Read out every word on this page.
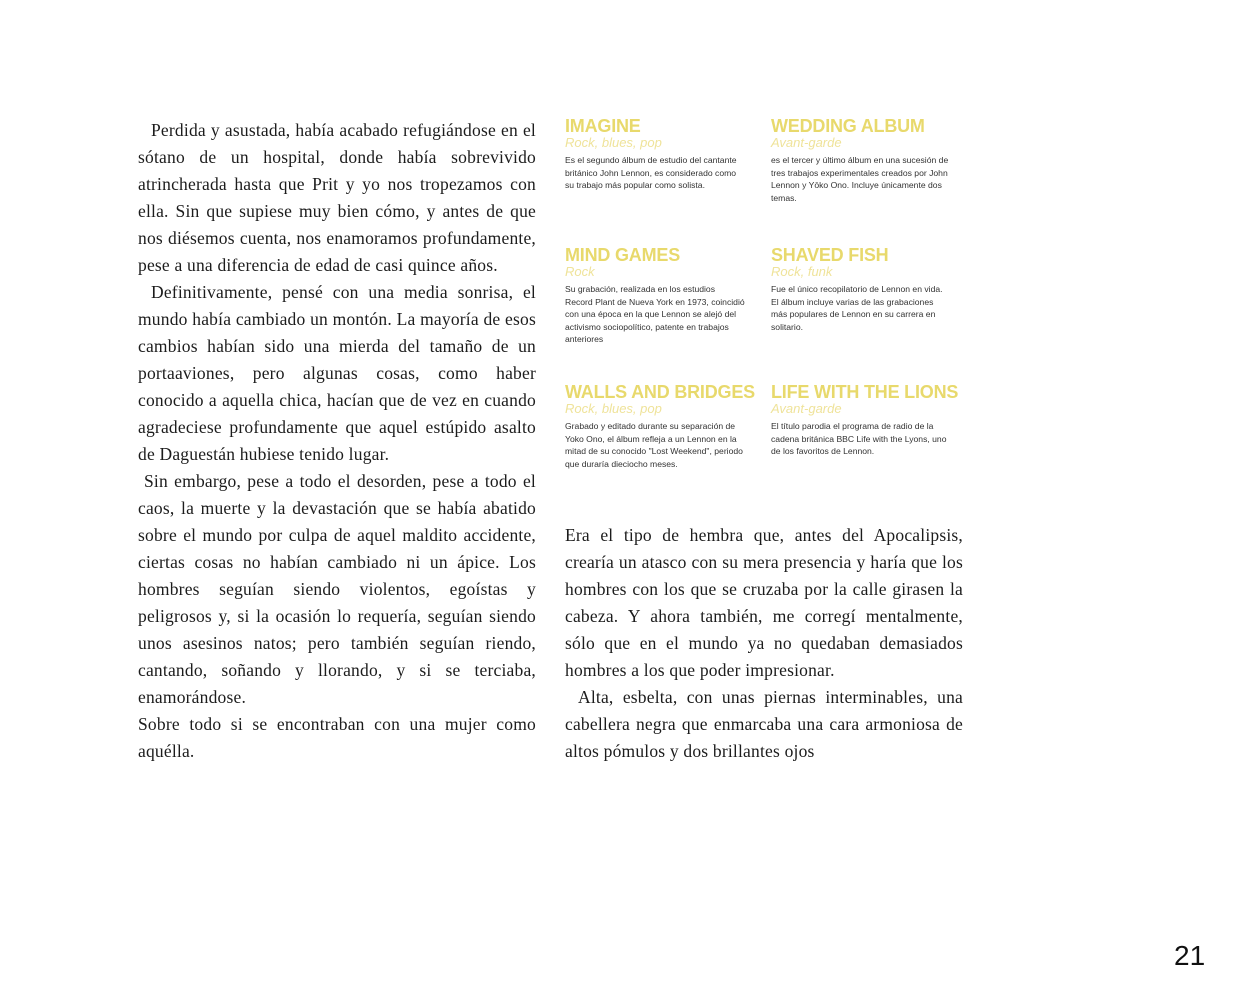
Perdida y asustada, había acabado refugiándose en el sótano de un hospital, donde había sobrevivido atrincherada hasta que Prit y yo nos tropezamos con ella. Sin que supiese muy bien cómo, y antes de que nos diésemos cuenta, nos enamoramos profundamente, pese a una diferencia de edad de casi quince años.

Definitivamente, pensé con una media sonrisa, el mundo había cambiado un montón. La mayoría de esos cambios habían sido una mierda del tamaño de un portaaviones, pero algunas cosas, como haber conocido a aquella chica, hacían que de vez en cuando agradeciese profundamente que aquel estúpido asalto de Daguestán hubiese tenido lugar.

Sin embargo, pese a todo el desorden, pese a todo el caos, la muerte y la devastación que se había abatido sobre el mundo por culpa de aquel maldito accidente, ciertas cosas no habían cambiado ni un ápice. Los hombres seguían siendo violentos, egoístas y peligrosos y, si la ocasión lo requería, seguían siendo unos asesinos natos; pero también seguían riendo, cantando, soñando y llorando, y si se terciaba, enamorándose.

Sobre todo si se encontraban con una mujer como aquélla.

IMAGINE
Rock, blues, pop
Es el segundo álbum de estudio del cantante británico John Lennon, es considerado como su trabajo más popular como solista.
WEDDING ALBUM
Avant-garde
es el tercer y último álbum en una sucesión de tres trabajos experimentales creados por John Lennon y Yōko Ono. Incluye únicamente dos temas.
MIND GAMES
Rock
Su grabación, realizada en los estudios Record Plant de Nueva York en 1973, coincidió con una época en la que Lennon se alejó del activismo sociopolítico, patente en trabajos anteriores
SHAVED FISH
Rock, funk
Fue el único recopilatorio de Lennon en vida. El álbum incluye varias de las grabaciones más populares de Lennon en su carrera en solitario.
WALLS AND BRIDGES
Rock, blues, pop
Grabado y editado durante su separación de Yoko Ono, el álbum refleja a un Lennon en la mitad de su conocido "Lost Weekend", periodo que duraría dieciocho meses.
LIFE WITH THE LIONS
Avant-garde
El título parodia el programa de radio de la cadena británica BBC Life with the Lyons, uno de los favoritos de Lennon.

Era el tipo de hembra que, antes del Apocalipsis, crearía un atasco con su mera presencia y haría que los hombres con los que se cruzaba por la calle girasen la cabeza. Y ahora también, me corregí mentalmente, sólo que en el mundo ya no quedaban demasiados hombres a los que poder impresionar.

Alta, esbelta, con unas piernas interminables, una cabellera negra que enmarcaba una cara armoniosa de altos pómulos y dos brillantes ojos

21
